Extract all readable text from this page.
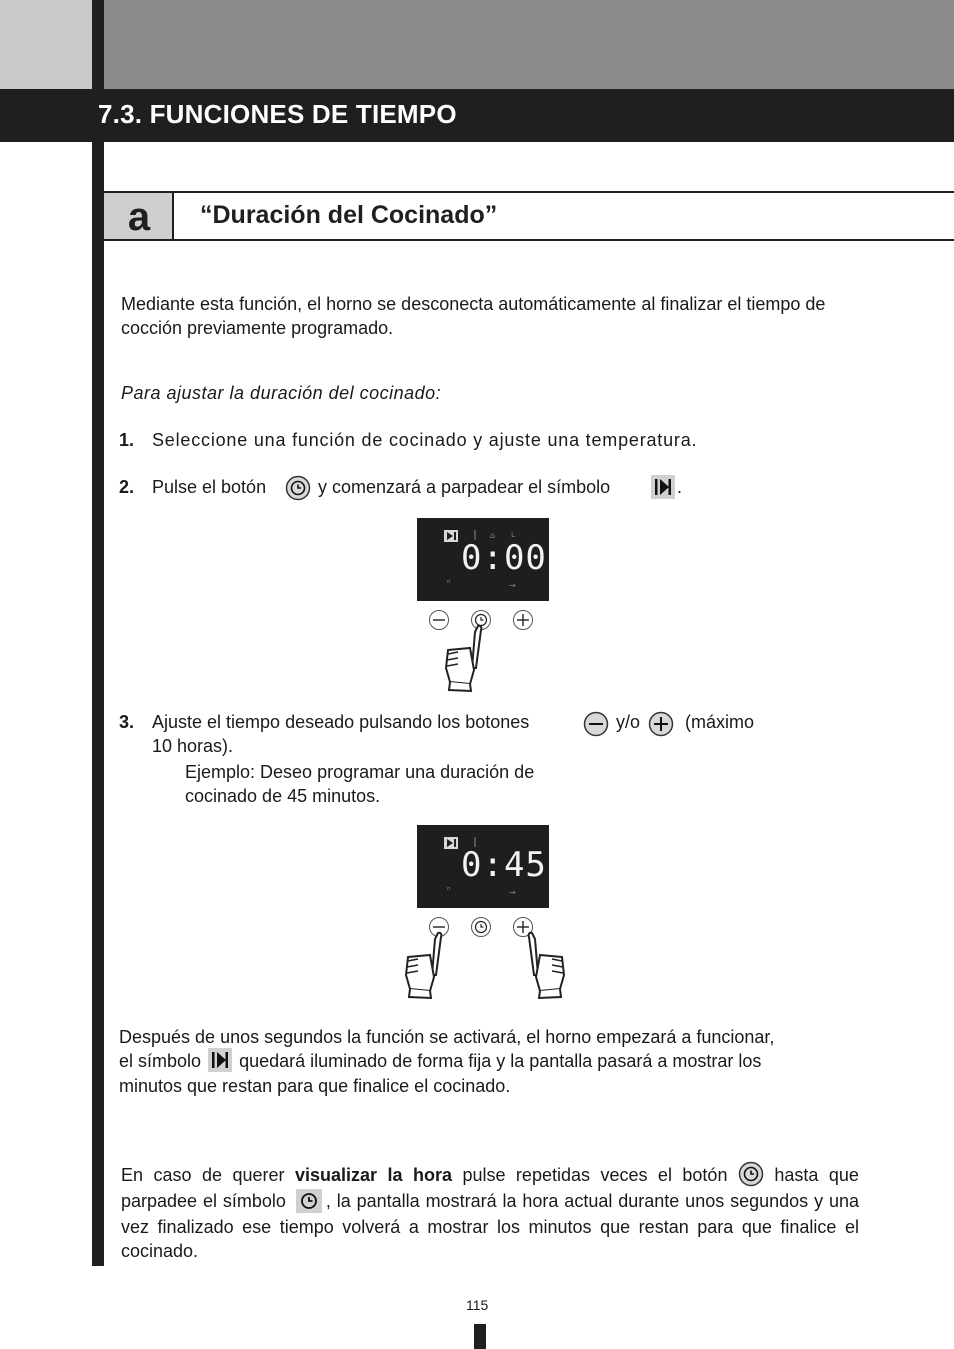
7.3. FUNCIONES DE TIEMPO
a	“Duración del Cocinado”
Mediante esta función, el horno se desconecta automáticamente al finalizar el tiempo de cocción previamente programado.
Para ajustar la duración del cocinado:
1. Seleccione una función de cocinado y ajuste una temperatura.
2. Pulse el botón	y comenzará a parpadear el símbolo	.
⌂ ʟ
ⁿ	→
0:00
3. Ajuste el tiempo deseado pulsando los botones	y/o (máximo
10 horas).
Ejemplo: Deseo programar una duración de cocinado de 45 minutos.
ⁿ	→
0:45
Después de unos segundos la función se activará, el horno empezará a funcionar,
el símbolo quedará iluminado de forma fija y la pantalla pasará a mostrar los
minutos que restan para que finalice el cocinado.
En caso de querer visualizar la hora pulse repetidas veces el botón	hasta que parpadee el símbolo , la pantalla mostrará la hora actual durante unos segundos y una vez finalizado ese tiempo volverá a mostrar los minutos que restan para que finalice el cocinado.
115
